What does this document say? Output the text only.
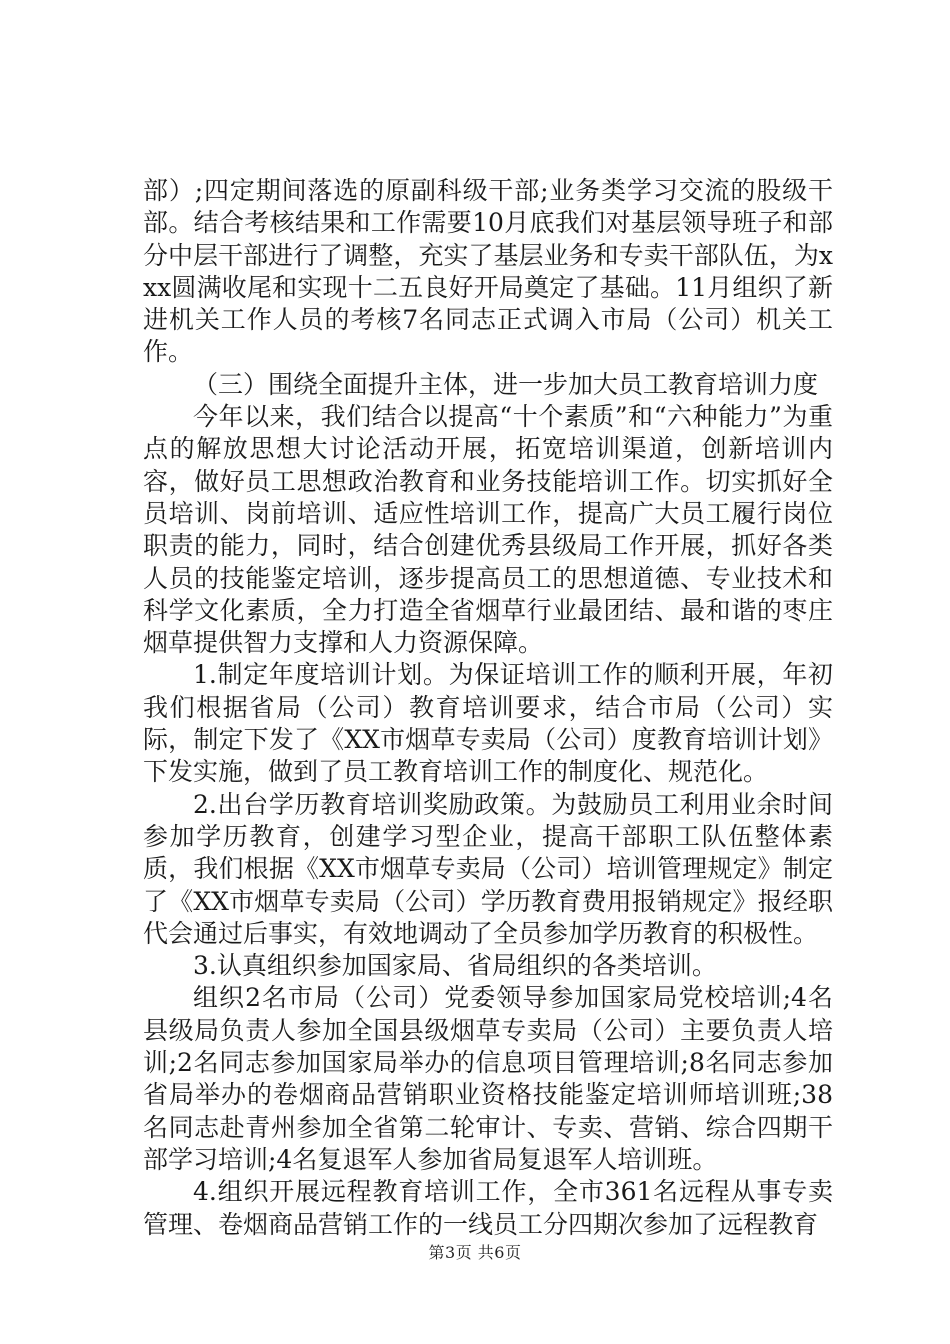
部）;四定期间落选的原副科级干部;业务类学习交流的股级干部。结合考核结果和工作需要10月底我们对基层领导班子和部分中层干部进行了调整，充实了基层业务和专卖干部队伍，为xxx圆满收尾和实现十二五良好开局奠定了基础。11月组织了新进机关工作人员的考核7名同志正式调入市局（公司）机关工作。

（三）围绕全面提升主体，进一步加大员工教育培训力度

今年以来，我们结合以提高“十个素质”和“六种能力”为重点的解放思想大讨论活动开展，拓宽培训渠道，创新培训内容，做好员工思想政治教育和业务技能培训工作。切实抓好全员培训、岗前培训、适应性培训工作，提高广大员工履行岗位职责的能力，同时，结合创建优秀县级局工作开展，抓好各类人员的技能鉴定培训，逐步提高员工的思想道德、专业技术和科学文化素质，全力打造全省烟草行业最团结、最和谐的枣庄烟草提供智力支撑和人力资源保障。

1.制定年度培训计划。为保证培训工作的顺利开展，年初我们根据省局（公司）教育培训要求，结合市局（公司）实际，制定下发了《XX市烟草专卖局（公司）度教育培训计划》下发实施，做到了员工教育培训工作的制度化、规范化。

2.出台学历教育培训奖励政策。为鼓励员工利用业余时间参加学历教育，创建学习型企业，提高干部职工队伍整体素质，我们根据《XX市烟草专卖局（公司）培训管理规定》制定了《XX市烟草专卖局（公司）学历教育费用报销规定》报经职代会通过后事实，有效地调动了全员参加学历教育的积极性。

3.认真组织参加国家局、省局组织的各类培训。

组织2名市局（公司）党委领导参加国家局党校培训;4名县级局负责人参加全国县级烟草专卖局（公司）主要负责人培训;2名同志参加国家局举办的信息项目管理培训;8名同志参加省局举办的卷烟商品营销职业资格技能鉴定培训师培训班;38名同志赴青州参加全省第二轮审计、专卖、营销、综合四期干部学习培训;4名复退军人参加省局复退军人培训班。

4.组织开展远程教育培训工作，全市361名远程从事专卖管理、卷烟商品营销工作的一线员工分四期次参加了远程教育

第3页 共6页
